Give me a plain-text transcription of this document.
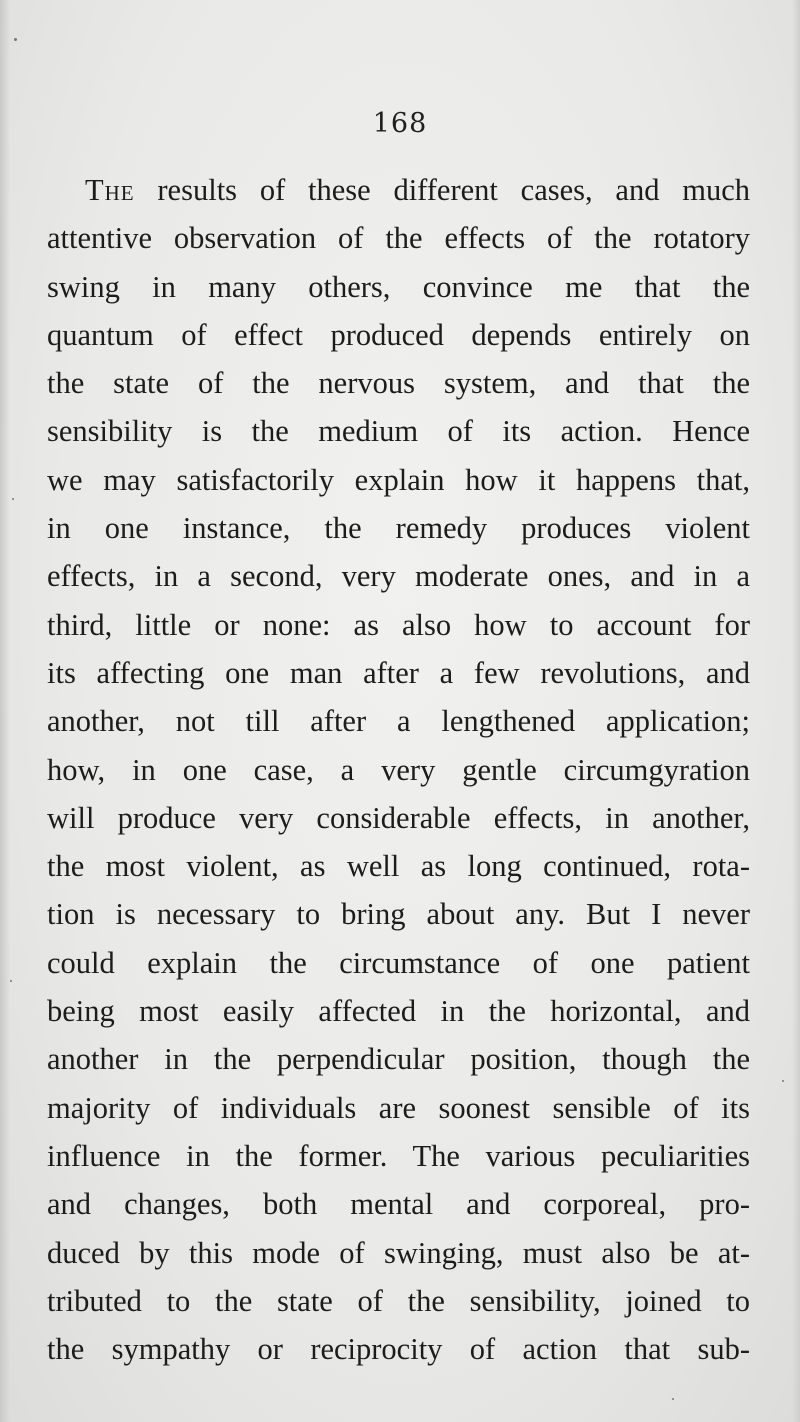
168
The results of these different cases, and much
attentive observation of the effects of the rotatory
swing in many others, convince me that the
quantum of effect produced depends entirely on
the state of the nervous system, and that the
sensibility is the medium of its action. Hence
we may satisfactorily explain how it happens that,
in one instance, the remedy produces violent
effects, in a second, very moderate ones, and in a
third, little or none: as also how to account for
its affecting one man after a few revolutions, and
another, not till after a lengthened application;
how, in one case, a very gentle circumgyration
will produce very considerable effects, in another,
the most violent, as well as long continued, rota-
tion is necessary to bring about any. But I never
could explain the circumstance of one patient
being most easily affected in the horizontal, and
another in the perpendicular position, though the
majority of individuals are soonest sensible of its
influence in the former. The various peculiarities
and changes, both mental and corporeal, pro-
duced by this mode of swinging, must also be at-
tributed to the state of the sensibility, joined to
the sympathy or reciprocity of action that sub-
